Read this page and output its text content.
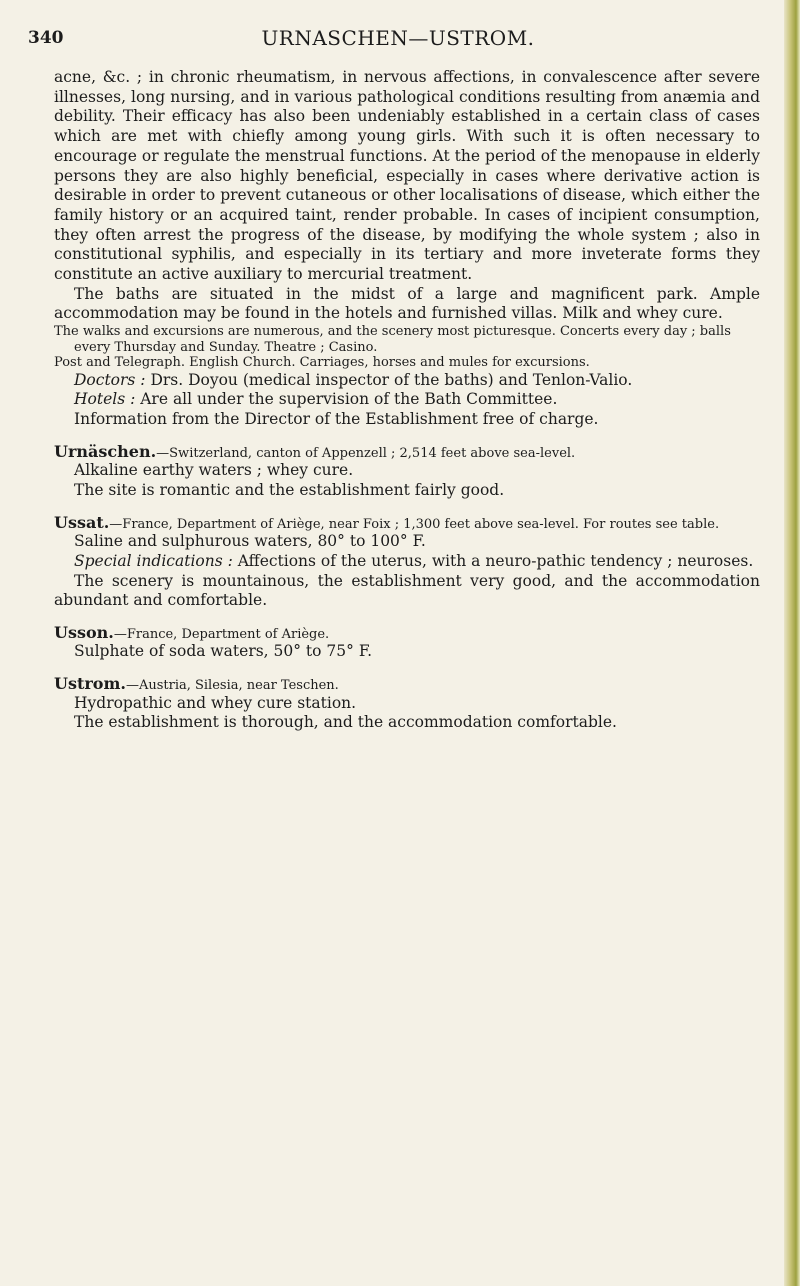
340	URNASCHEN—USTROM.

acne, &c. ; in chronic rheumatism, in nervous affections, in convalescence after severe illnesses, long nursing, and in various pathological conditions resulting from anæmia and debility. Their efficacy has also been undeniably established in a certain class of cases which are met with chiefly among young girls. With such it is often necessary to encourage or regulate the menstrual functions. At the period of the menopause in elderly persons they are also highly beneficial, especially in cases where derivative action is desirable in order to prevent cutaneous or other localisations of disease, which either the family history or an acquired taint, render probable. In cases of incipient consumption, they often arrest the progress of the disease, by modifying the whole system ; also in constitutional syphilis, and especially in its tertiary and more inveterate forms they constitute an active auxiliary to mercurial treatment.

The baths are situated in the midst of a large and magnificent park. Ample accommodation may be found in the hotels and furnished villas. Milk and whey cure.

The walks and excursions are numerous, and the scenery most picturesque. Concerts every day ; balls every Thursday and Sunday. Theatre ; Casino.

Post and Telegraph. English Church. Carriages, horses and mules for excursions.

Doctors : Drs. Doyou (medical inspector of the baths) and Tenlon-Valio.

Hotels : Are all under the supervision of the Bath Committee.

Information from the Director of the Establishment free of charge.

Urnäschen.—Switzerland, canton of Appenzell ; 2,514 feet above sea-level.

Alkaline earthy waters ; whey cure.

The site is romantic and the establishment fairly good.

Ussat.—France, Department of Ariège, near Foix ; 1,300 feet above sea-level. For routes see table.

Saline and sulphurous waters, 80° to 100° F.

Special indications : Affections of the uterus, with a neuro-pathic tendency ; neuroses.

The scenery is mountainous, the establishment very good, and the accommodation abundant and comfortable.

Usson.—France, Department of Ariège.

Sulphate of soda waters, 50° to 75° F.

Ustrom.—Austria, Silesia, near Teschen.

Hydropathic and whey cure station.

The establishment is thorough, and the accommodation comfortable.
